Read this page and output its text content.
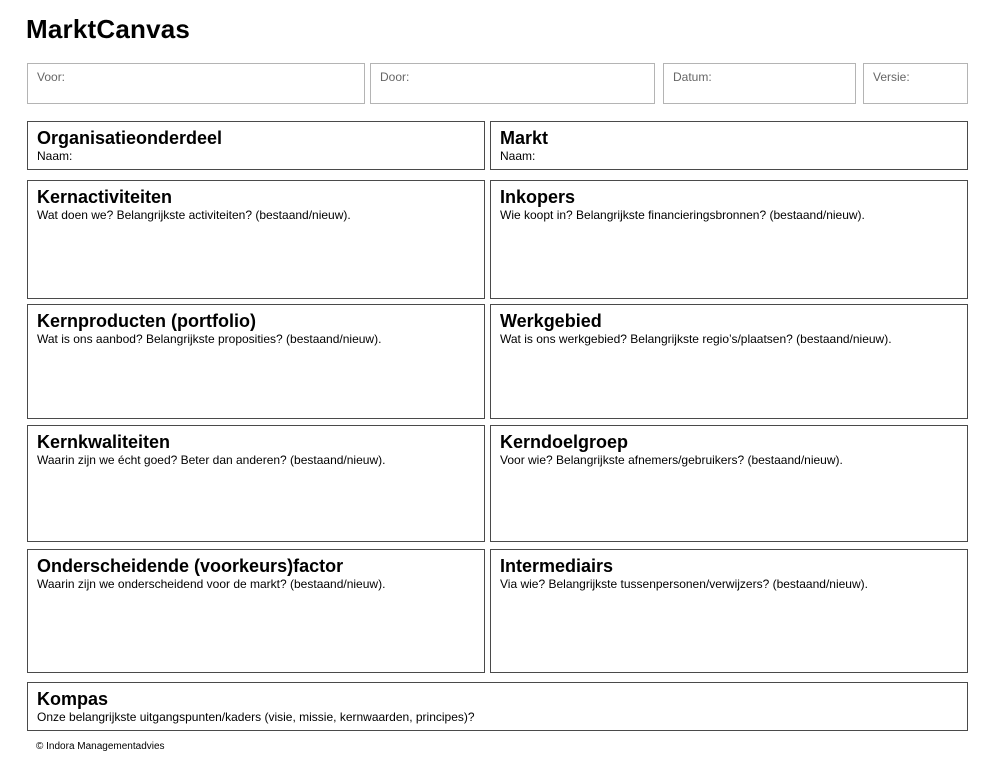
MarktCanvas
Voor:	Door:	Datum:	Versie:
Organisatieonderdeel
Naam:
Markt
Naam:
Kernactiviteiten
Wat doen we? Belangrijkste activiteiten? (bestaand/nieuw).
Inkopers
Wie koopt in? Belangrijkste financieringsbronnen? (bestaand/nieuw).
Kernproducten (portfolio)
Wat is ons aanbod? Belangrijkste proposities? (bestaand/nieuw).
Werkgebied
Wat is ons werkgebied? Belangrijkste regio’s/plaatsen? (bestaand/nieuw).
Kernkwaliteiten
Waarin zijn we écht goed? Beter dan anderen? (bestaand/nieuw).
Kerndoelgroep
Voor wie? Belangrijkste afnemers/gebruikers? (bestaand/nieuw).
Onderscheidende (voorkeurs)factor
Waarin zijn we onderscheidend voor de markt? (bestaand/nieuw).
Intermediairs
Via wie? Belangrijkste tussenpersonen/verwijzers? (bestaand/nieuw).
Kompas
Onze belangrijkste uitgangspunten/kaders (visie, missie, kernwaarden, principes)?
© Indora Managementadvies
